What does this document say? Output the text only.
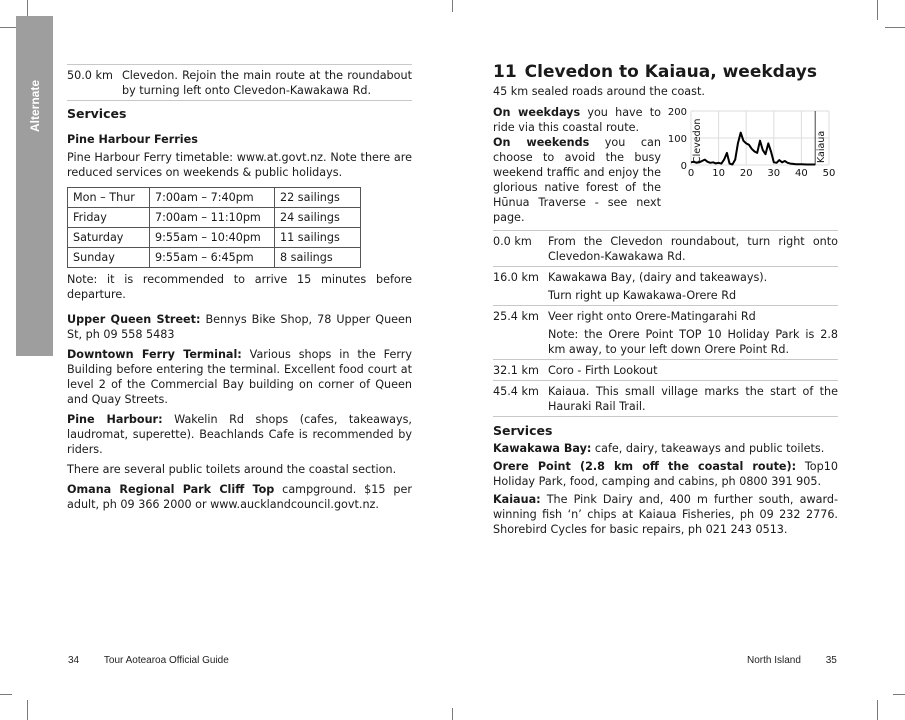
Alternate
50.0 km Clevedon. Rejoin the main route at the roundabout by turning left onto Clevedon-Kawakawa Rd.
Services
Pine Harbour Ferries

Pine Harbour Ferry timetable: www.at.govt.nz. Note there are reduced services on weekends & public holidays.

Mon – Thur	7:00am – 7:40pm	22 sailings
Friday	7:00am – 11:10pm	24 sailings
Saturday	9:55am – 10:40pm	11 sailings
Sunday	9:55am – 6:45pm	8 sailings

Note: it is recommended to arrive 15 minutes before departure.

Upper Queen Street: Bennys Bike Shop, 78 Upper Queen St, ph 09 558 5483

Downtown Ferry Terminal: Various shops in the Ferry Building before entering the terminal. Excellent food court at level 2 of the Commercial Bay building on corner of Queen and Quay Streets.

Pine Harbour: Wakelin Rd shops (cafes, takeaways, laudromat, superette). Beachlands Cafe is recommended by riders.

There are several public toilets around the coastal section.

Omana Regional Park Cliff Top campground. $15 per adult, ph 09 366 2000 or www.aucklandcouncil.govt.nz.

34 Tour Aotearoa Official Guide
11 Clevedon to Kaiaua, weekdays
45 km sealed roads around the coast.

On weekdays you have to ride via this coastal route.

On weekends you can choose to avoid the busy weekend traffic and enjoy the glorious native forest of the Hūnua Traverse - see next page.

0 10 20 30 40 50
0
100
200
Clevedon	Kaiaua
0.0 km	From the Clevedon roundabout, turn right onto Clevedon-Kawakawa Rd.

16.0 km Kawakawa Bay, (dairy and takeaways).

Turn right up Kawakawa-Orere Rd

25.4 km Veer right onto Orere-Matingarahi Rd

Note: the Orere Point TOP 10 Holiday Park is 2.8 km away, to your left down Orere Point Rd.

32.1 km Coro - Firth Lookout

45.4 km Kaiaua. This small village marks the start of the Hauraki Rail Trail.

Services

Kawakawa Bay: cafe, dairy, takeaways and public toilets.

Orere Point (2.8 km off the coastal route): Top10 Holiday Park, food, camping and cabins, ph 0800 391 905.

Kaiaua: The Pink Dairy and, 400 m further south, award-winning fish ‘n’ chips at Kaiaua Fisheries, ph 09 232 2776. Shorebird Cycles for basic repairs, ph 021 243 0513.

North Island 35
